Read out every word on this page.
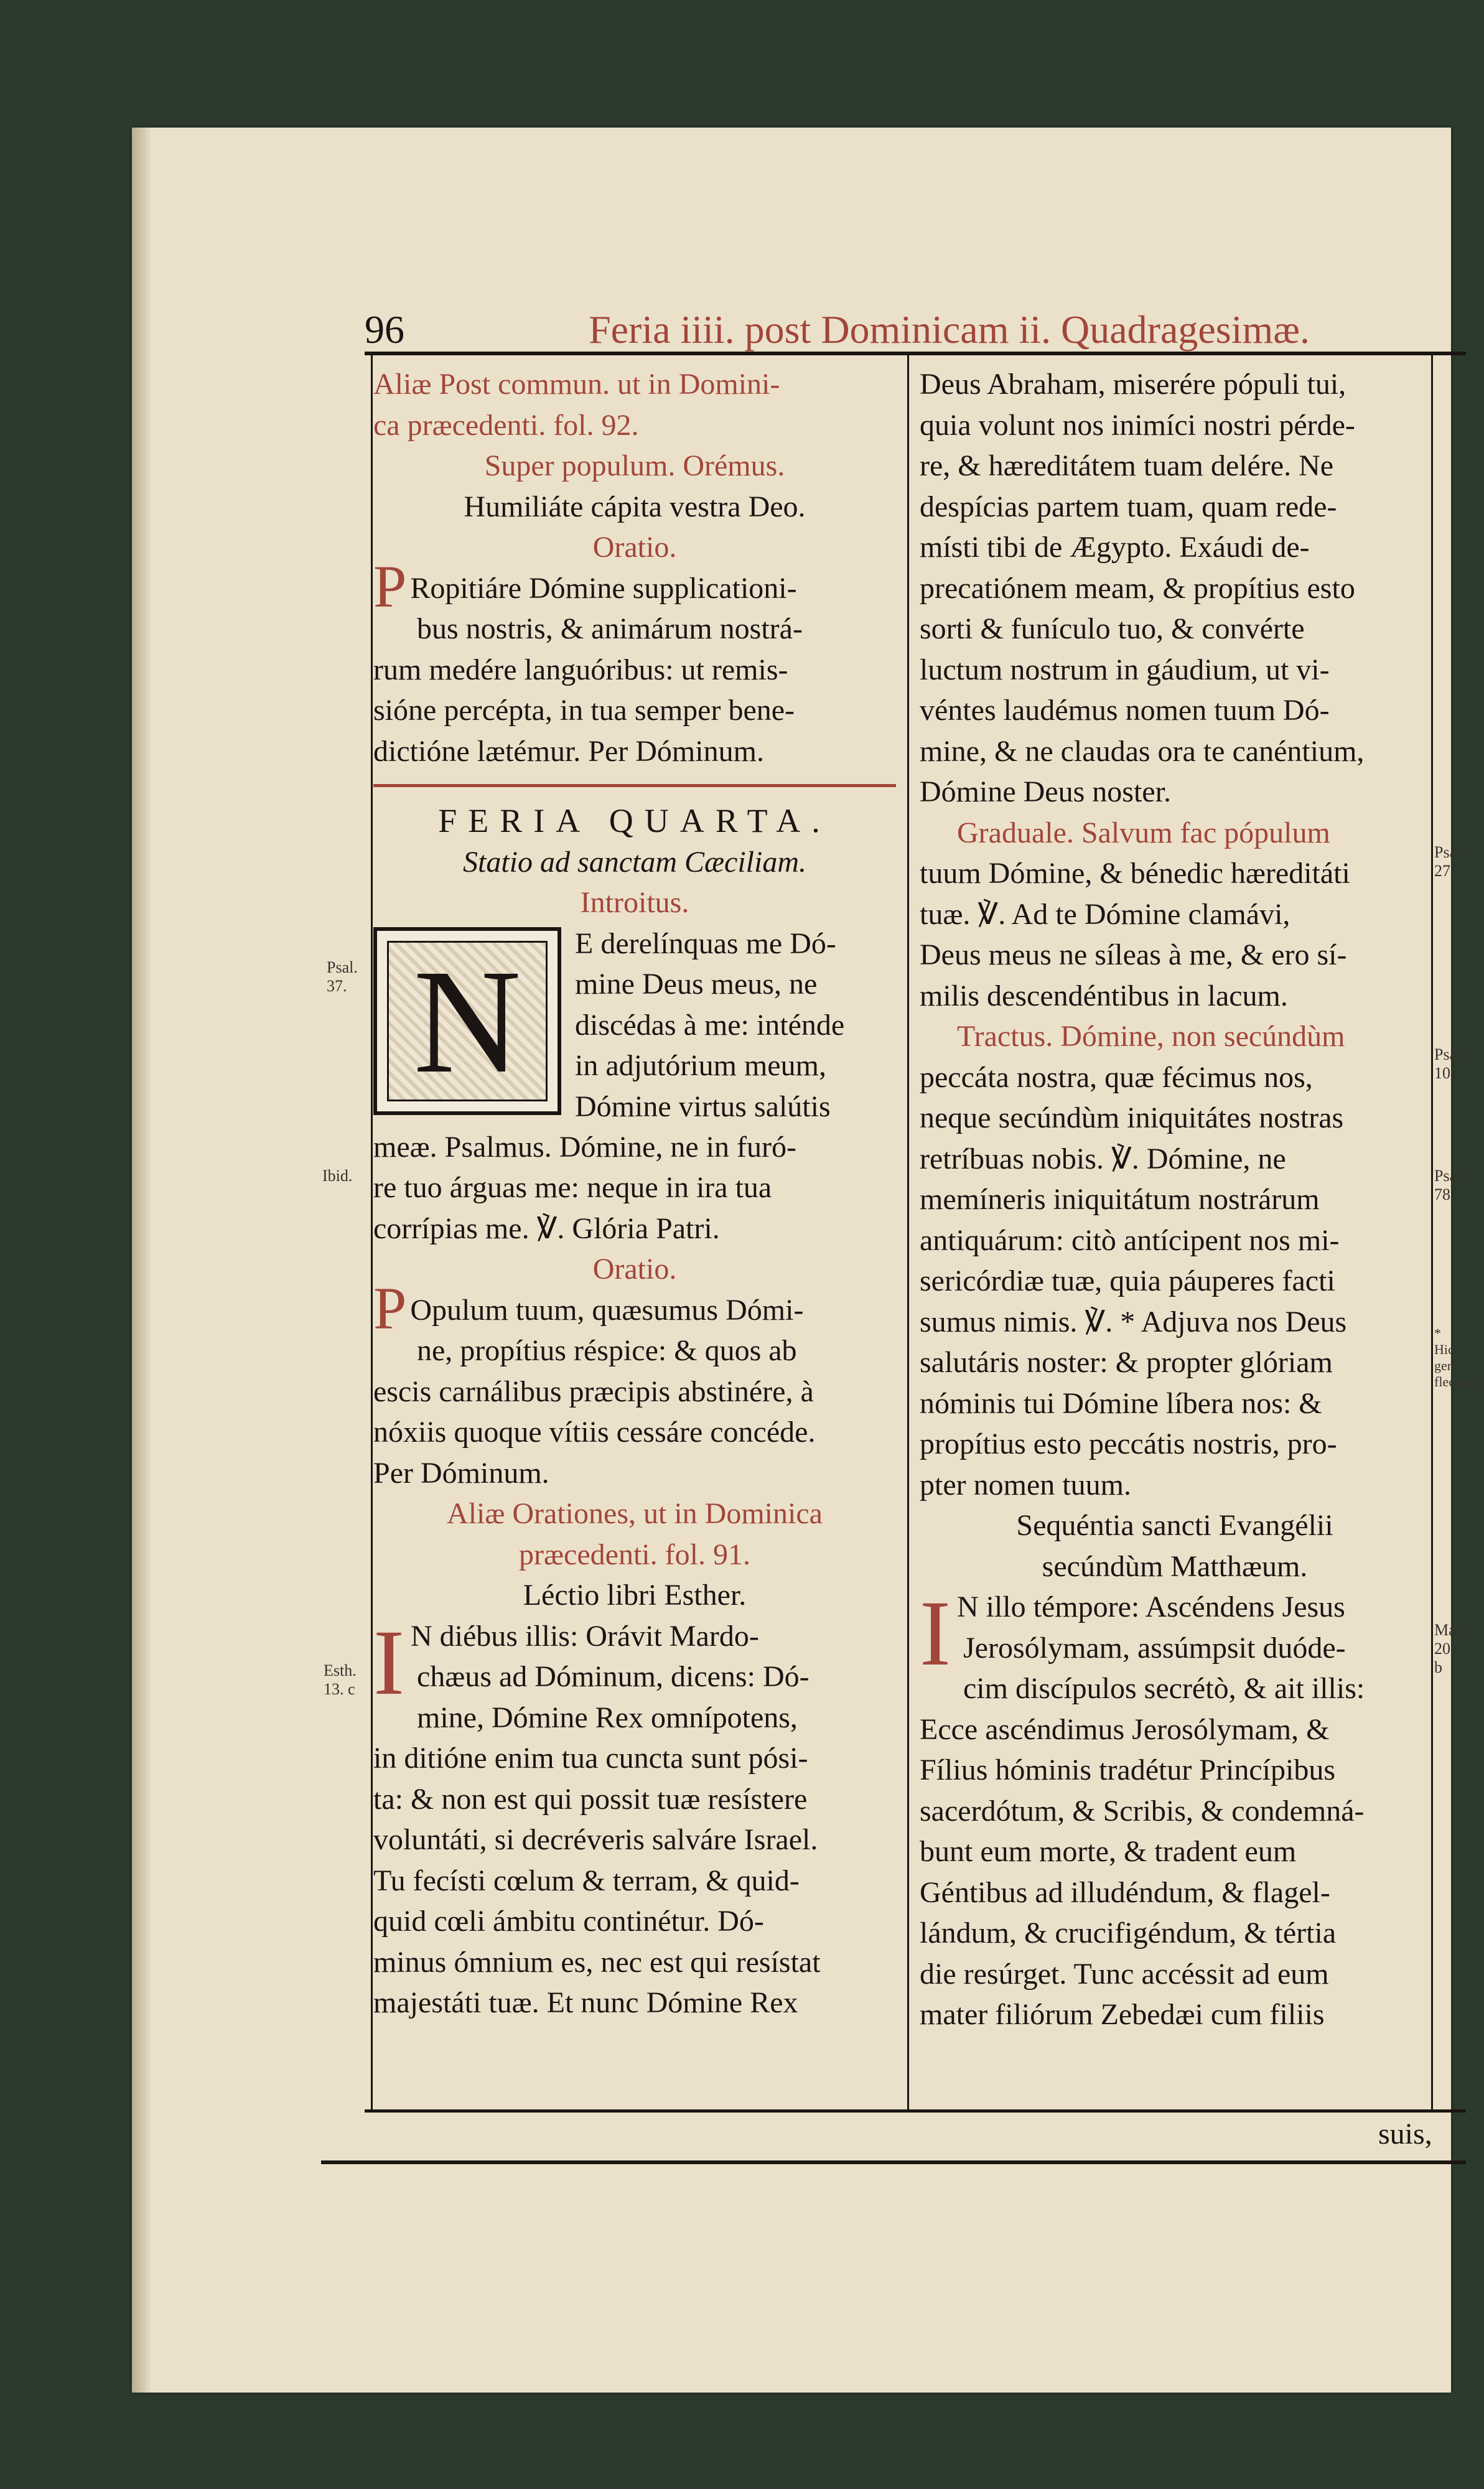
96	Feria iiii. post Dominicam ii. Quadragesimæ.
Aliæ Post commun. ut in Domini-
ca præcedenti. fol. 92.
Super populum. Orémus.
Humiliáte cápita vestra Deo.
Oratio.
P Ropitiáre Dómine supplicationi-
bus nostris, & animárum nostrá-
rum medére languóribus: ut remis-
sióne percépta, in tua semper bene-
dictióne lætémur. Per Dóminum.
FERIA QUARTA.
Statio ad sanctam Cæciliam.
Introitus.
N	E derelínquas me Dó-
mine Deus meus, ne
discédas à me: inténde
in adjutórium meum,
Dómine virtus salútis
meæ. Psalmus. Dómine, ne in furó-
re tuo árguas me: neque in ira tua
corrípias me. ℣. Glória Patri.
Oratio.
P Opulum tuum, quæsumus Dómi-
ne, propítius réspice: & quos ab
escis carnálibus præcipis abstinére, à
nóxiis quoque vítiis cessáre concéde.
Per Dóminum.
Aliæ Orationes, ut in Dominica
præcedenti. fol. 91.
Léctio libri Esther.
I N diébus illis: Orávit Mardo-
chæus ad Dóminum, dicens: Dó-
mine, Dómine Rex omnípotens,
in ditióne enim tua cuncta sunt pósi-
ta: & non est qui possit tuæ resístere
voluntáti, si decréveris salváre Israel.
Tu fecísti cœlum & terram, & quid-
quid cœli ámbitu continétur. Dó-
minus ómnium es, nec est qui resístat
majestáti tuæ. Et nunc Dómine Rex
Deus Abraham, miserére pópuli tui,
quia volunt nos inimíci nostri pérde-
re, & hæreditátem tuam delére. Ne
despícias partem tuam, quam rede-
místi tibi de Ægypto. Exáudi de-
precatiónem meam, & propítius esto
sorti & funículo tuo, & convérte
luctum nostrum in gáudium, ut vi-
véntes laudémus nomen tuum Dó-
mine, & ne claudas ora te canéntium,
Dómine Deus noster.
Graduale. Salvum fac pópulum
tuum Dómine, & bénedic hæreditáti
tuæ. ℣. Ad te Dómine clamávi,
Deus meus ne síleas à me, & ero sí-
milis descendéntibus in lacum.
Tractus. Dómine, non secúndùm
peccáta nostra, quæ fécimus nos,
neque secúndùm iniquitátes nostras
retríbuas nobis. ℣. Dómine, ne
memíneris iniquitátum nostrárum
antiquárum: citò antícipent nos mi-
sericórdiæ tuæ, quia páuperes facti
sumus nimis. ℣. * Adjuva nos Deus
salutáris noster: & propter glóriam
nóminis tui Dómine líbera nos: &
propítius esto peccátis nostris, pro-
pter nomen tuum.
Sequéntia sancti Evangélii
secúndùm Matthæum.
I N illo témpore: Ascéndens Jesus
Jerosólymam, assúmpsit duóde-
cim discípulos secrétò, & ait illis:
Ecce ascéndimus Jerosólymam, &
Fílius hóminis tradétur Princípibus
sacerdótum, & Scribis, & condemná-
bunt eum morte, & tradent eum
Géntibus ad illudéndum, & flagel-
lándum, & crucifigéndum, & tértia
die resúrget. Tunc accéssit ad eum
mater filiórum Zebedæi cum filiis
Psal. 37.
Ibid.
Esth. 13. c
Psal. 27.
Psal. 102.
Psal. 78.
* Hic genu flectitur.
Matt. 20. b
suis,
